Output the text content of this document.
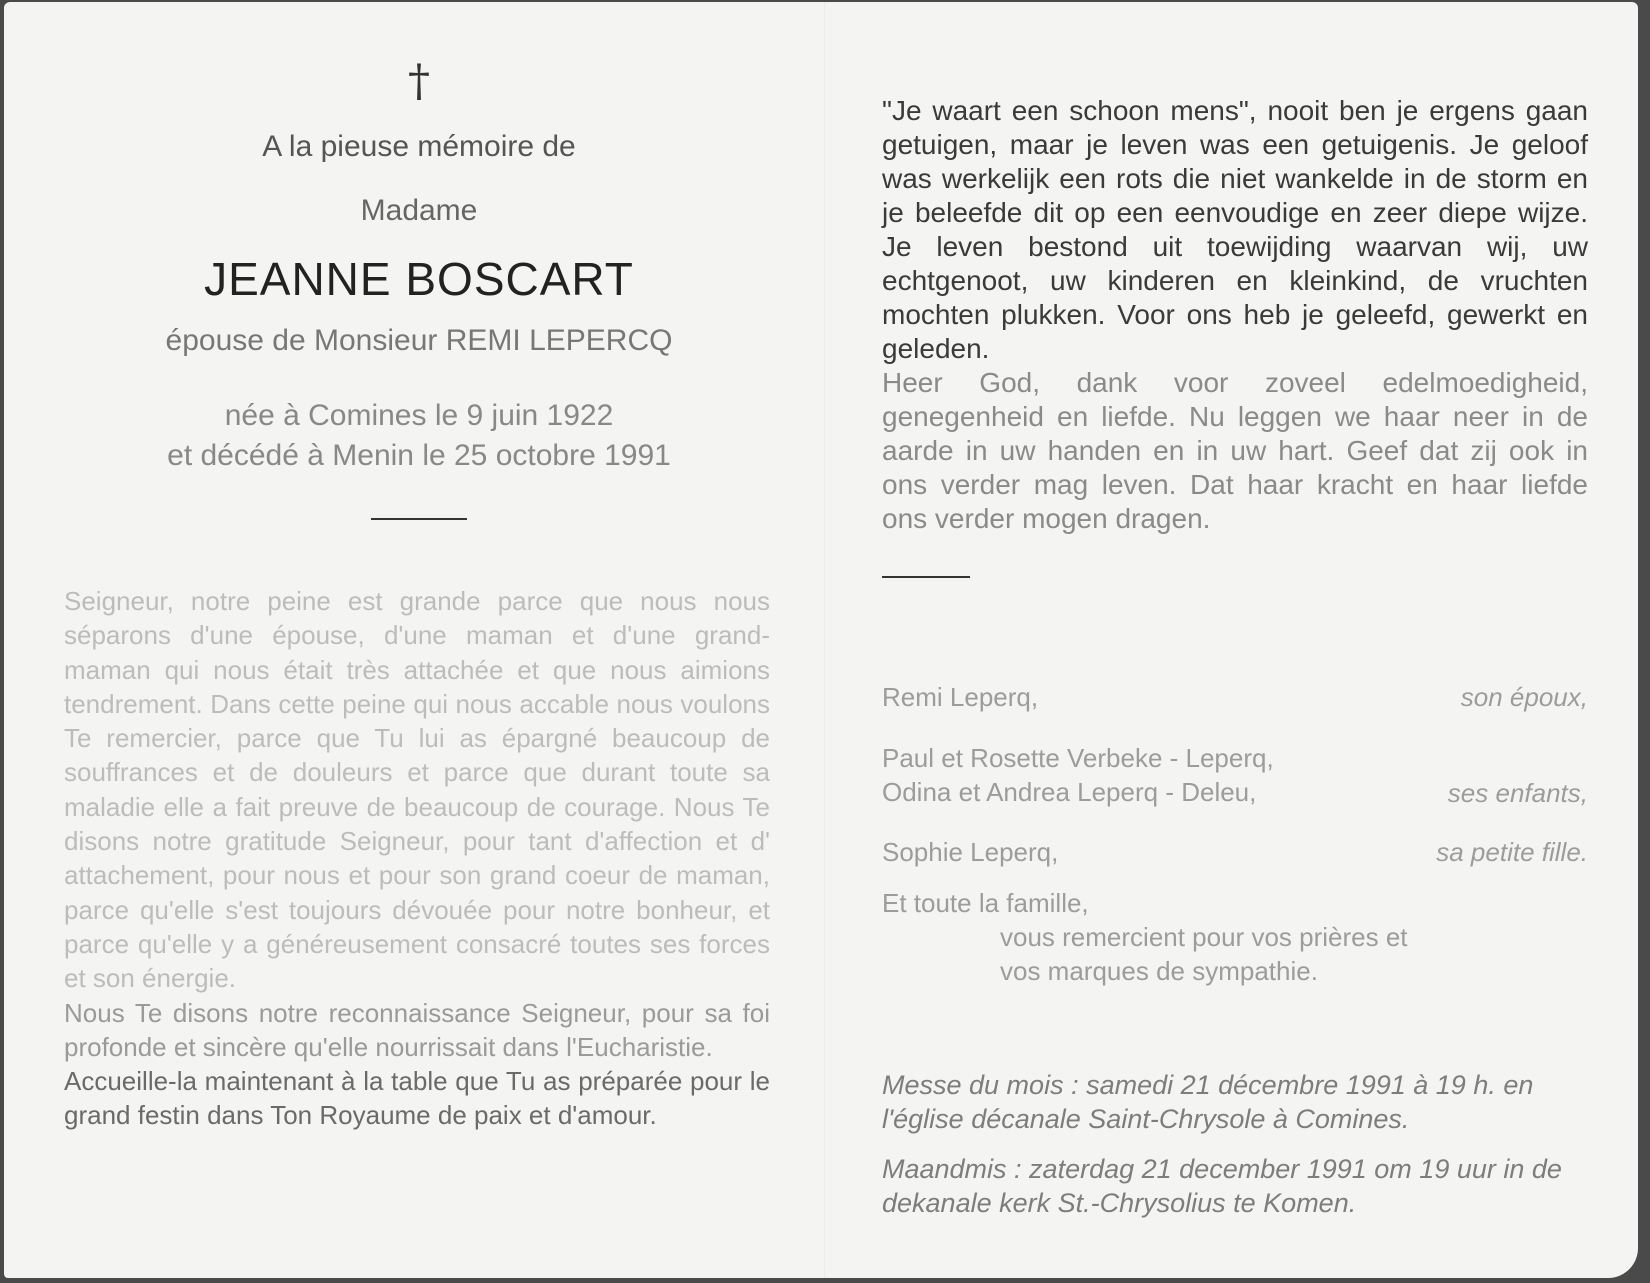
†
A la pieuse mémoire de
Madame
JEANNE BOSCART
épouse de Monsieur REMI LEPERCQ
née à Comines le 9 juin 1922
et décédé à Menin le 25 octobre 1991

Seigneur, notre peine est grande parce que nous nous séparons d'une épouse, d'une maman et d'une grand-maman qui nous était très attachée et que nous aimions tendrement. Dans cette peine qui nous accable nous voulons Te remercier, parce que Tu lui as épargné beaucoup de souffrances et de douleurs et parce que durant toute sa maladie elle a fait preuve de beaucoup de courage. Nous Te disons notre gratitude Seigneur, pour tant d'affection et d' attachement, pour nous et pour son grand coeur de maman, parce qu'elle s'est toujours dévouée pour notre bonheur, et parce qu'elle y a généreusement consacré toutes ses forces et son énergie.

Nous Te disons notre reconnaissance Seigneur, pour sa foi profonde et sincère qu'elle nourrissait dans l'Eucharistie.

Accueille-la maintenant à la table que Tu as préparée pour le grand festin dans Ton Royaume de paix et d'amour.

"Je waart een schoon mens", nooit ben je ergens gaan getuigen, maar je leven was een getuigenis. Je geloof was werkelijk een rots die niet wankelde in de storm en je beleefde dit op een eenvoudige en zeer diepe wijze. Je leven bestond uit toewijding waarvan wij, uw echtgenoot, uw kinderen en kleinkind, de vruchten mochten plukken. Voor ons heb je geleefd, gewerkt en geleden.

Heer God, dank voor zoveel edelmoedigheid, genegenheid en liefde. Nu leggen we haar neer in de aarde in uw handen en in uw hart. Geef dat zij ook in ons verder mag leven. Dat haar kracht en haar liefde ons verder mogen dragen.

Remi Leperq,	son époux,
Paul et Rosette Verbeke - Leperq,
Odina et Andrea Leperq - Deleu,	ses enfants,
Sophie Leperq,	sa petite fille.
Et toute la famille,
vous remercient pour vos prières et
vos marques de sympathie.

Messe du mois : samedi 21 décembre 1991 à 19 h. en l'église décanale Saint-Chrysole à Comines.

Maandmis : zaterdag 21 december 1991 om 19 uur in de dekanale kerk St.-Chrysolius te Komen.
